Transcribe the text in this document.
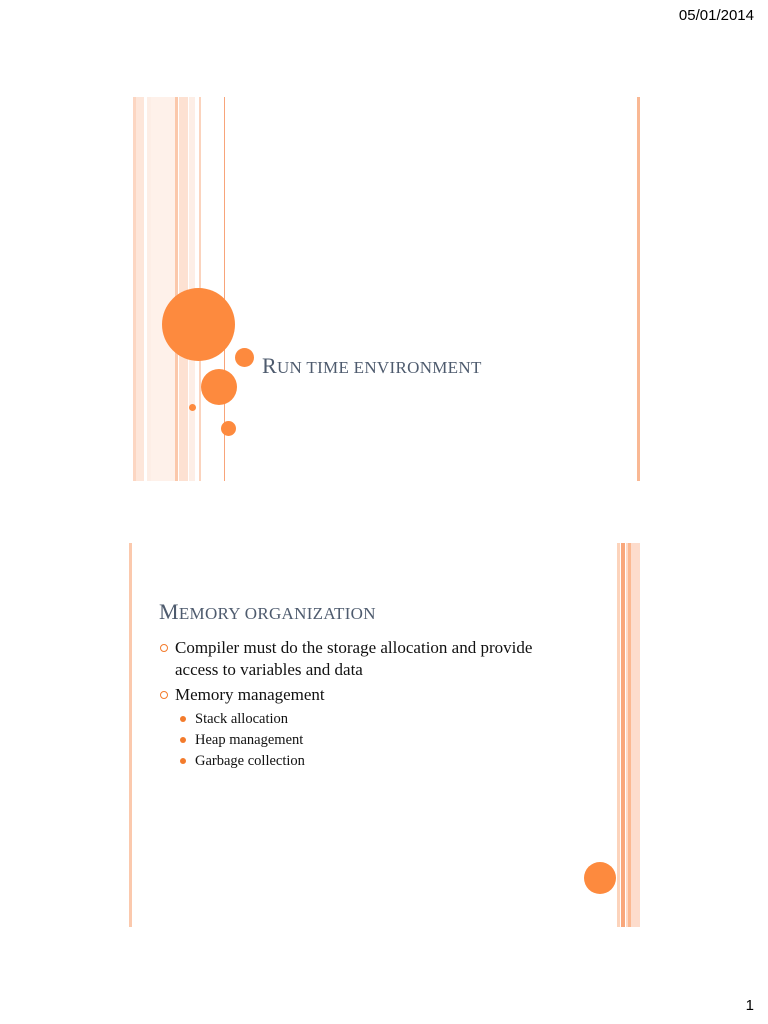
05/01/2014
RUN TIME ENVIRONMENT
MEMORY ORGANIZATION
Compiler must do the storage allocation and provide access to variables and data
Memory management
Stack allocation
Heap management
Garbage collection
1
